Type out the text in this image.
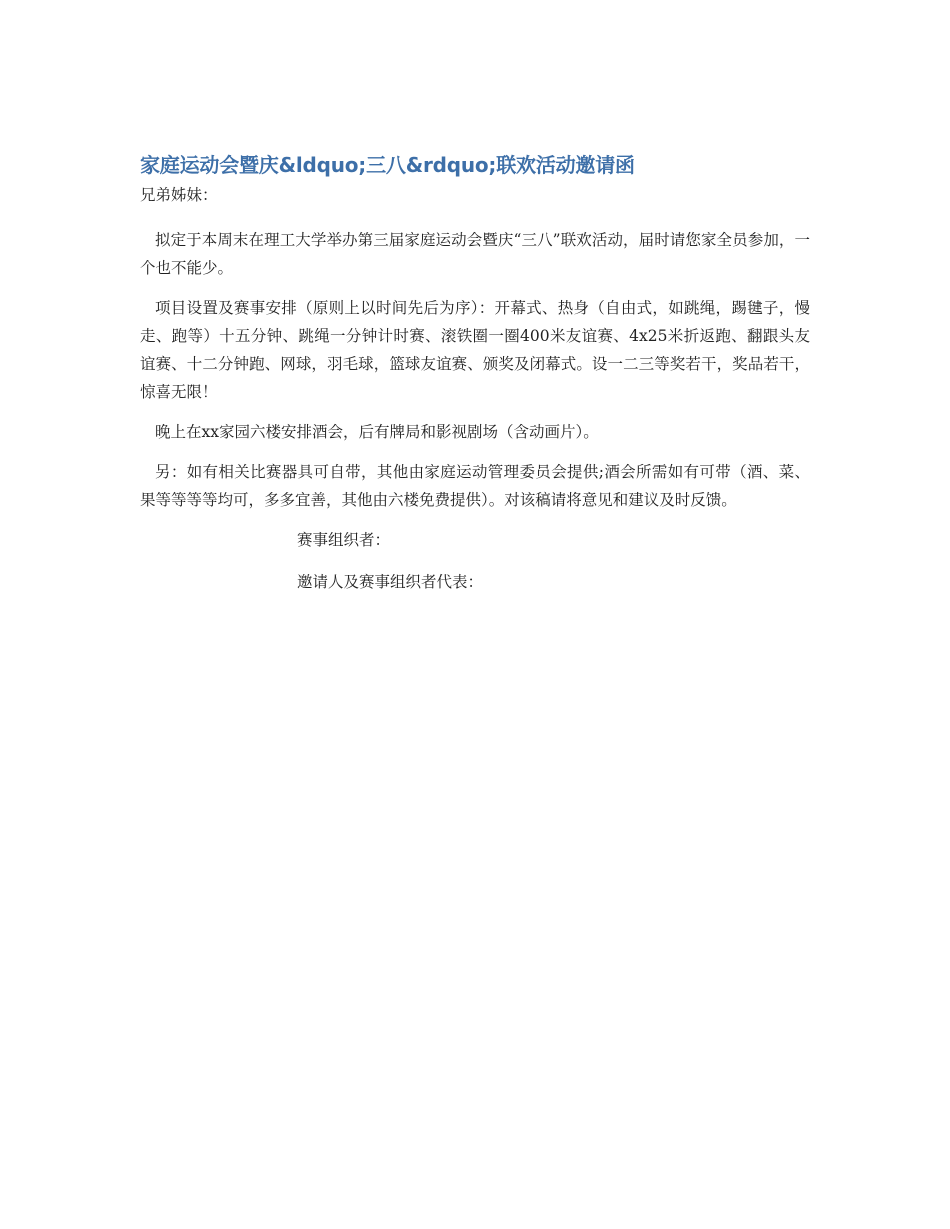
家庭运动会暨庆&ldquo;三八&rdquo;联欢活动邀请函

兄弟姊妹：

拟定于本周末在理工大学举办第三届家庭运动会暨庆“三八”联欢活动，届时请您家全员参加，一个也不能少。

项目设置及赛事安排（原则上以时间先后为序）：开幕式、热身（自由式，如跳绳，踢毽子，慢走、跑等）十五分钟、跳绳一分钟计时赛、滚铁圈一圈400米友谊赛、4x25米折返跑、翻跟头友谊赛、十二分钟跑、网球，羽毛球，篮球友谊赛、颁奖及闭幕式。设一二三等奖若干，奖品若干，惊喜无限！

晚上在xx家园六楼安排酒会，后有牌局和影视剧场（含动画片）。

另：如有相关比赛器具可自带，其他由家庭运动管理委员会提供;酒会所需如有可带（酒、菜、果等等等等均可，多多宜善，其他由六楼免费提供）。对该稿请将意见和建议及时反馈。

赛事组织者：

邀请人及赛事组织者代表：
